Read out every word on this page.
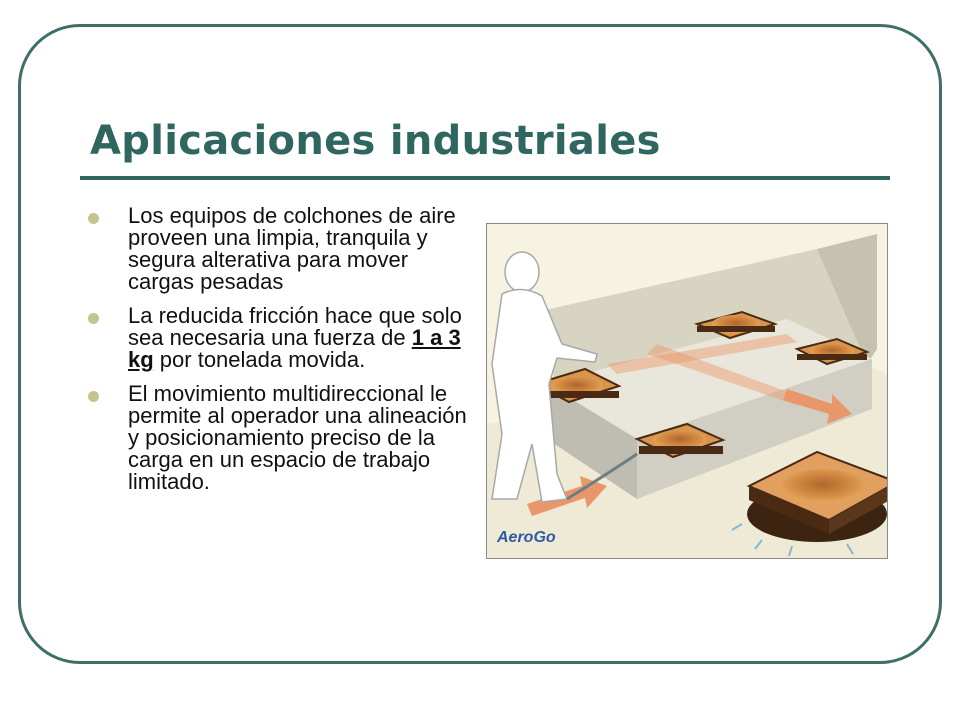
Aplicaciones industriales
Los equipos de colchones de aire proveen una limpia, tranquila y segura alterativa para mover cargas pesadas
La reducida fricción hace que solo sea necesaria una fuerza de 1 a 3 kg por tonelada movida.
El movimiento multidireccional le permite al operador una alineación y posicionamiento preciso de la carga en un espacio de trabajo limitado.
AeroGo
